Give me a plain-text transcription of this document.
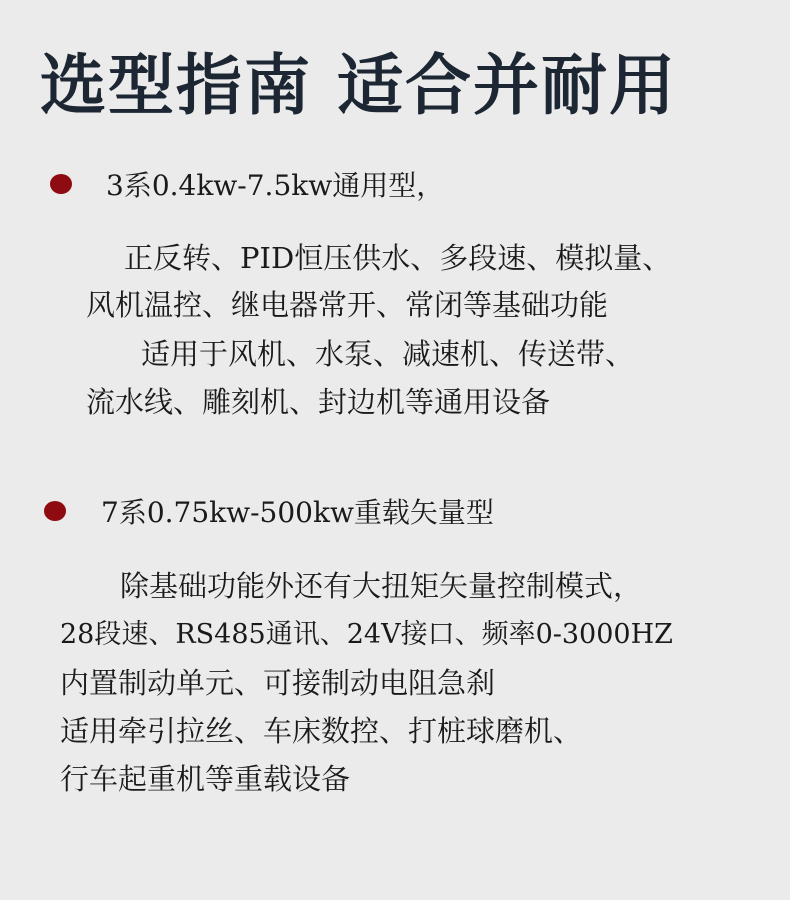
选型指南 适合并耐用
3系0.4kw-7.5kw通用型，
正反转、PID恒压供水、多段速、模拟量、
风机温控、继电器常开、常闭等基础功能
适用于风机、水泵、减速机、传送带、
流水线、雕刻机、封边机等通用设备
7系0.75kw-500kw重载矢量型
除基础功能外还有大扭矩矢量控制模式，
28段速、RS485通讯、24V接口、频率0-3000HZ
内置制动单元、可接制动电阻急刹
适用牵引拉丝、车床数控、打桩球磨机、
行车起重机等重载设备
